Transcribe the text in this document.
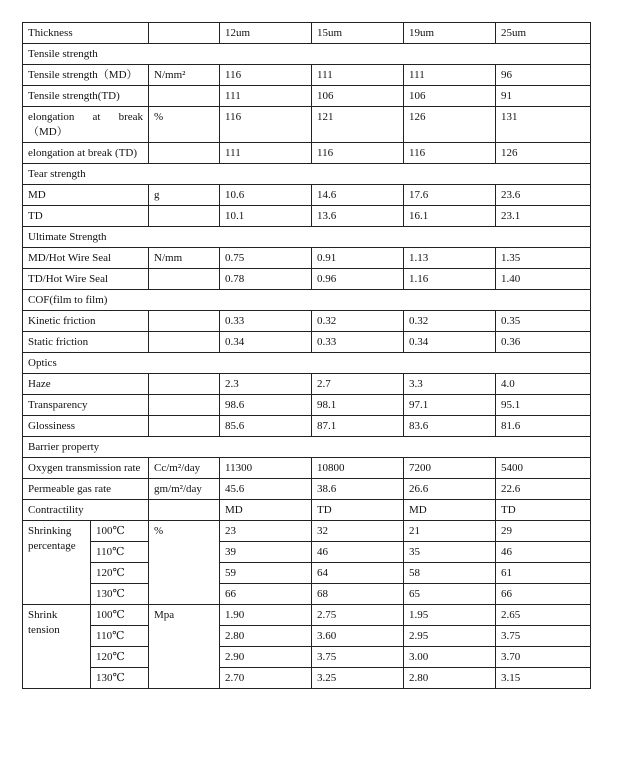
Thickness			12um	15um	19um	25um
Tensile strength						
Tensile strength（MD）		N/mm²	116	111	111	96
Tensile strength(TD)			111	106	106	91
elongation at break（MD）		%	116	121	126	131
elongation at break (TD)			111	116	116	126
Tear strength						
MD		g	10.6	14.6	17.6	23.6
TD			10.1	13.6	16.1	23.1
Ultimate Strength						
MD/Hot Wire Seal		N/mm	0.75	0.91	1.13	1.35
TD/Hot Wire Seal			0.78	0.96	1.16	1.40
COF(film to film)						
Kinetic friction			0.33	0.32	0.32	0.35
Static friction			0.34	0.33	0.34	0.36
Optics						
Haze			2.3	2.7	3.3	4.0
Transparency			98.6	98.1	97.1	95.1
Glossiness			85.6	87.1	83.6	81.6
Barrier property						
Oxygen transmission rate		Cc/m²/day	11300	10800	7200	5400
Permeable gas rate		gm/m²/day	45.6	38.6	26.6	22.6
Contractility			MD	TD	MD	TD
Shrinking percentage	100℃	%	23	32	21	29
	110℃		39	46	35	46
	120℃		59	64	58	61
	130℃		66	68	65	66
Shrink tension	100℃	Mpa	1.90	2.75	1.95	2.65
	110℃		2.80	3.60	2.95	3.75
	120℃		2.90	3.75	3.00	3.70
	130℃		2.70	3.25	2.80	3.15
